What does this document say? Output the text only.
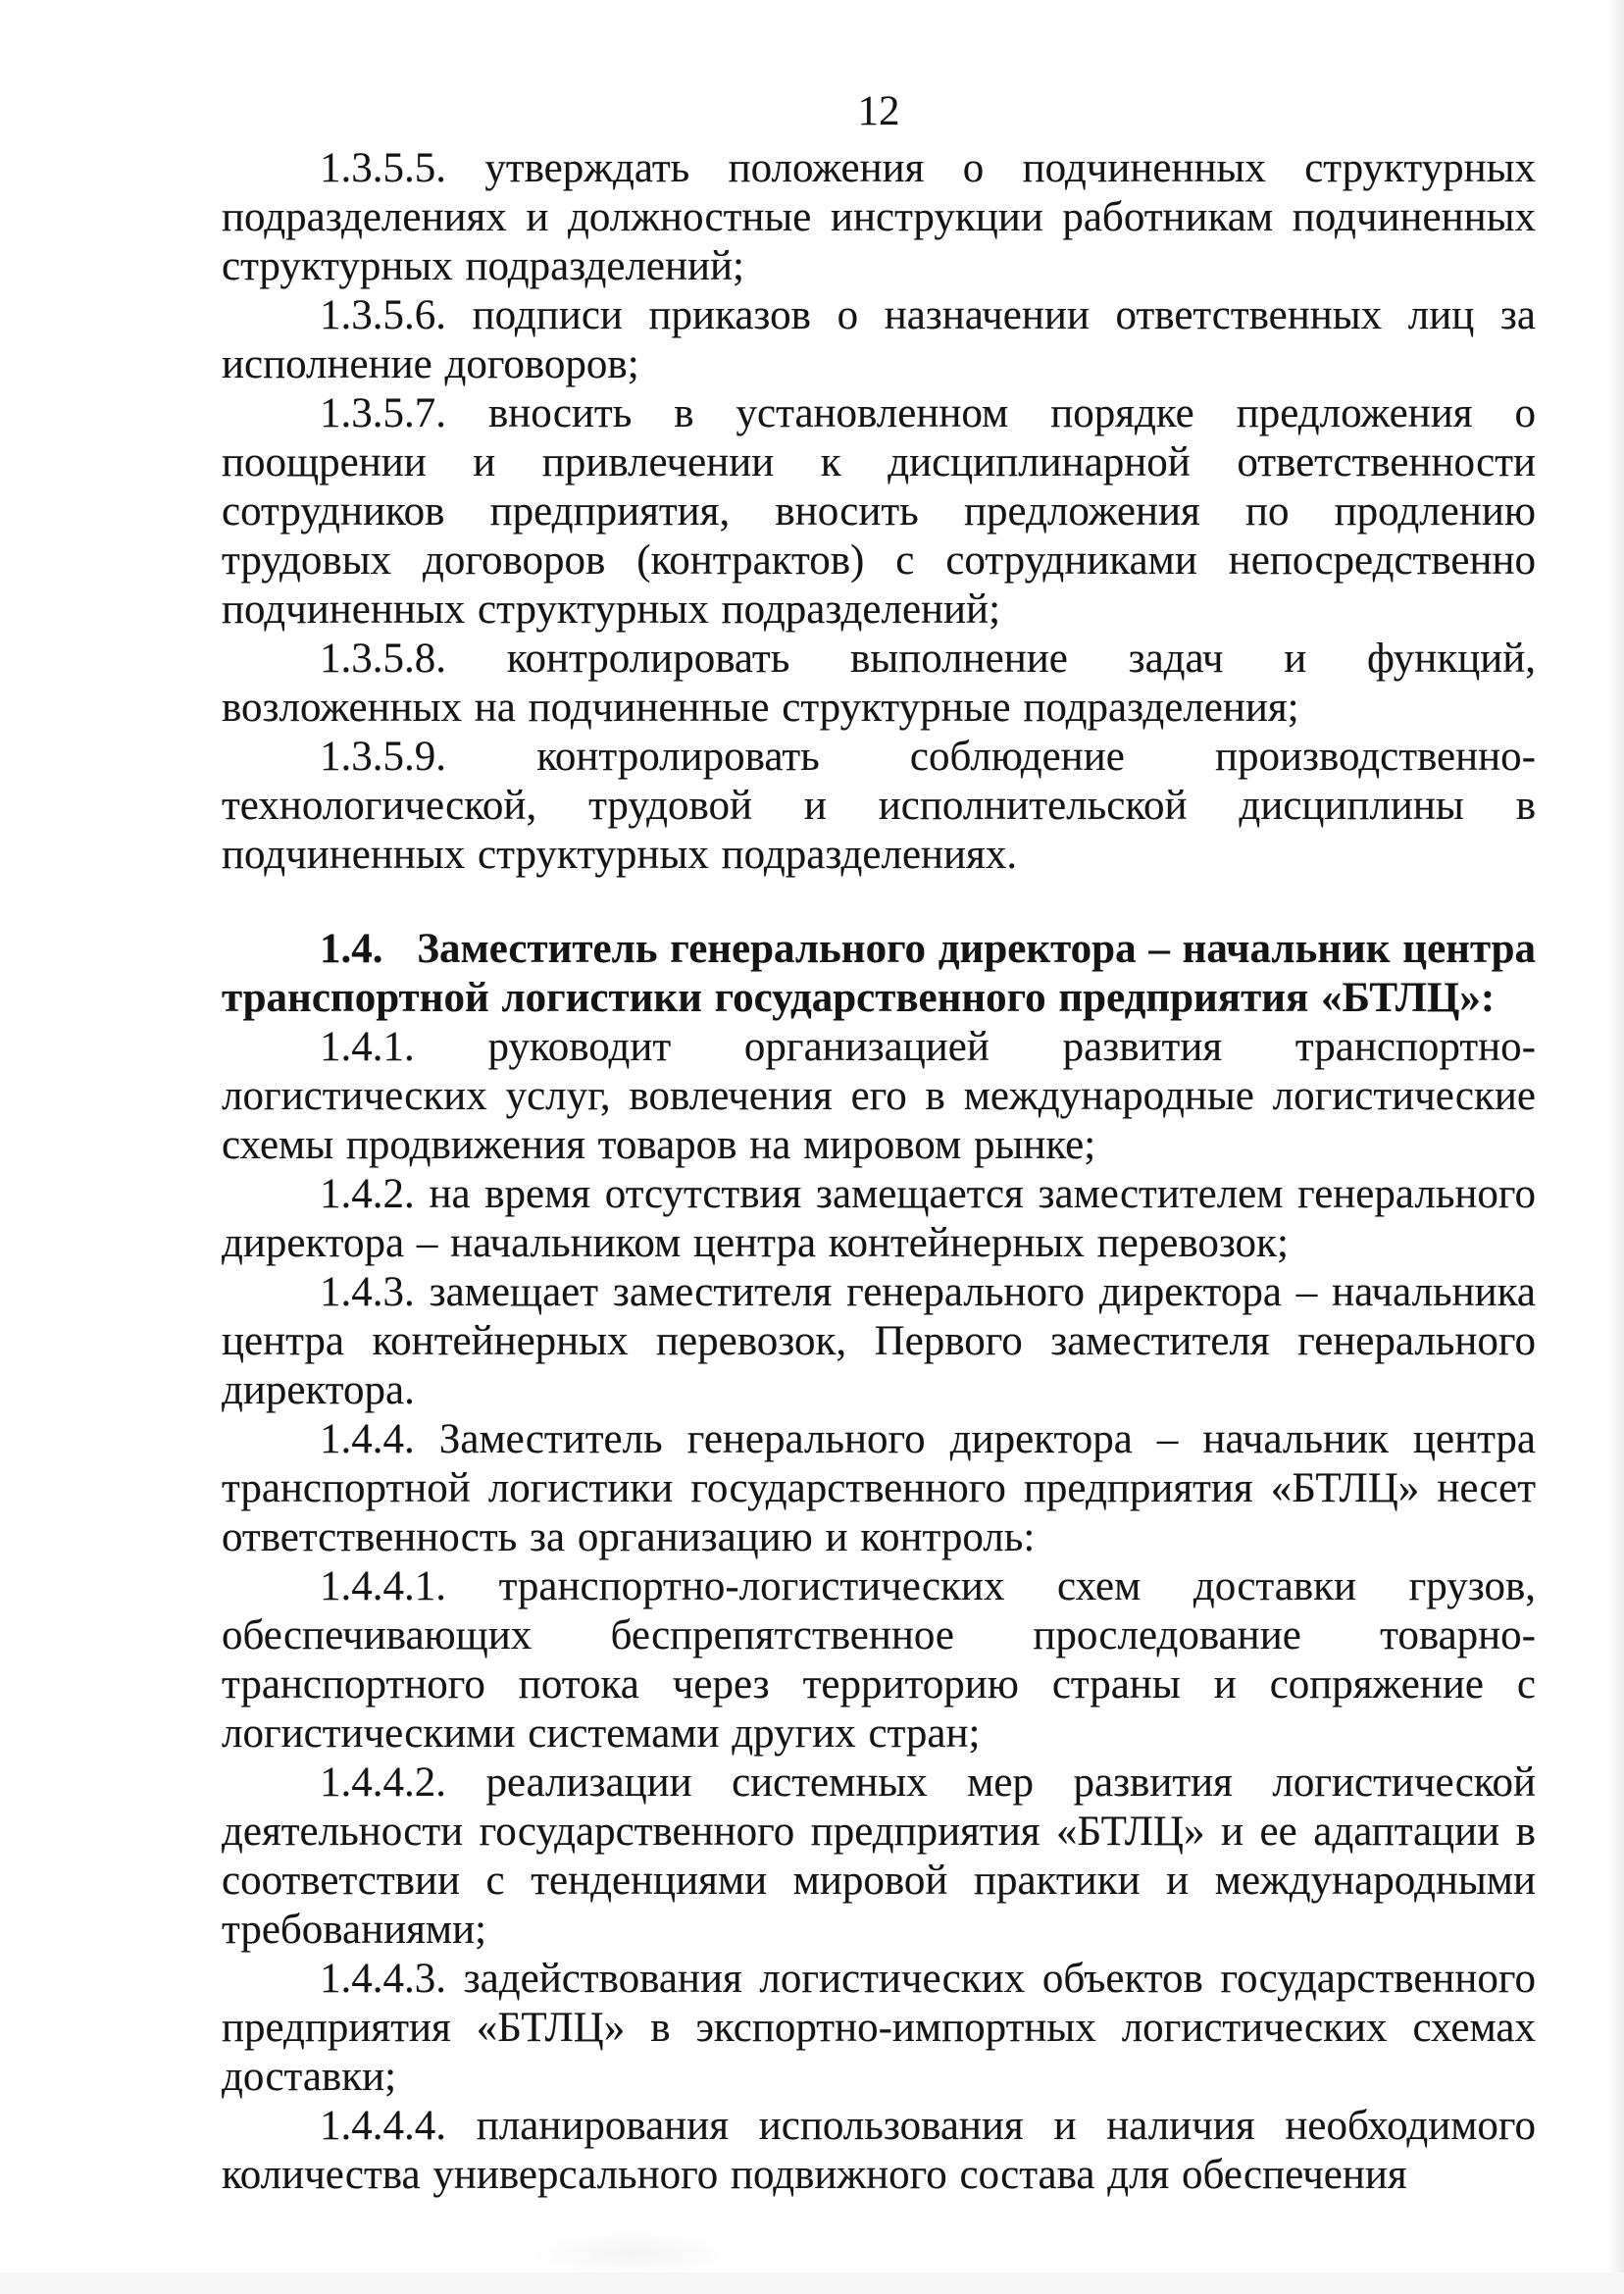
12

1.3.5.5. утверждать положения о подчиненных структурных подразделениях и должностные инструкции работникам подчиненных структурных подразделений;

1.3.5.6. подписи приказов о назначении ответственных лиц за исполнение договоров;

1.3.5.7. вносить в установленном порядке предложения о поощрении и привлечении к дисциплинарной ответственности сотрудников предприятия, вносить предложения по продлению трудовых договоров (контрактов) с сотрудниками непосредственно подчиненных структурных подразделений;

1.3.5.8. контролировать выполнение задач и функций, возложенных на подчиненные структурные подразделения;

1.3.5.9. контролировать соблюдение производственно-технологической, трудовой и исполнительской дисциплины в подчиненных структурных подразделениях.

1.4. Заместитель генерального директора – начальник центра транспортной логистики государственного предприятия «БТЛЦ»:

1.4.1. руководит организацией развития транспортно-логистических услуг, вовлечения его в международные логистические схемы продвижения товаров на мировом рынке;

1.4.2. на время отсутствия замещается заместителем генерального директора – начальником центра контейнерных перевозок;

1.4.3. замещает заместителя генерального директора – начальника центра контейнерных перевозок, Первого заместителя генерального директора.

1.4.4. Заместитель генерального директора – начальник центра транспортной логистики государственного предприятия «БТЛЦ» несет ответственность за организацию и контроль:

1.4.4.1. транспортно-логистических схем доставки грузов, обеспечивающих беспрепятственное проследование товарно-транспортного потока через территорию страны и сопряжение с логистическими системами других стран;

1.4.4.2. реализации системных мер развития логистической деятельности государственного предприятия «БТЛЦ» и ее адаптации в соответствии с тенденциями мировой практики и международными требованиями;

1.4.4.3. задействования логистических объектов государственного предприятия «БТЛЦ» в экспортно-импортных логистических схемах доставки;

1.4.4.4. планирования использования и наличия необходимого количества универсального подвижного состава для обеспечения
